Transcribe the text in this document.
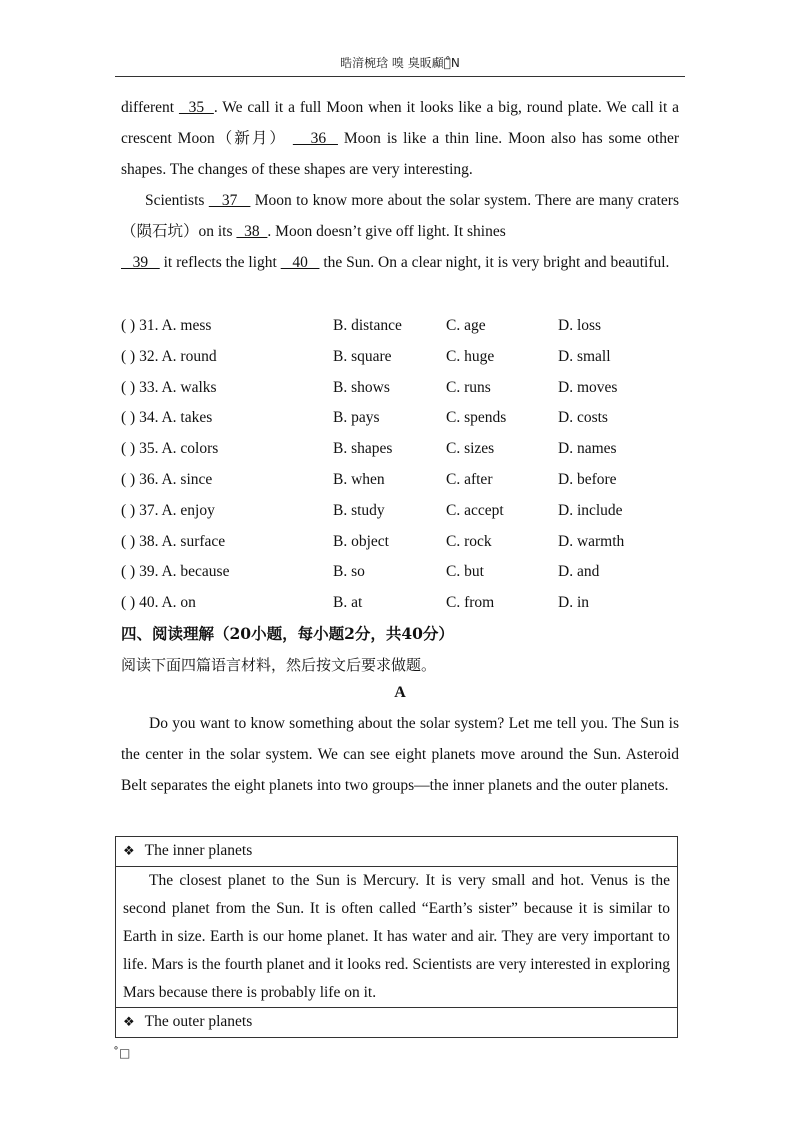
晧湇椀琀 嗅 臭昄顣斐̊N
different   35  . We call it a full Moon when it looks like a big, round plate. We call it a crescent Moon（新月）    36   Moon is like a thin line. Moon also has some other shapes. The changes of these shapes are very interesting.
Scientists    37    Moon to know more about the solar system. There are many craters（陨石坑）on its   38  . Moon doesn’t give off light. It shines
39    it reflects the light    40    the Sun. On a clear night, it is very bright and beautiful.
( ) 31. A. mess	B. distance	C. age	D. loss
( ) 32. A. round	B. square	C. huge	D. small
( ) 33. A. walks	B. shows	C. runs	D. moves
( ) 34. A. takes	B. pays	C. spends	D. costs
( ) 35. A. colors	B. shapes	C. sizes	D. names
( ) 36. A. since	B. when	C. after	D. before
( ) 37. A. enjoy	B. study	C. accept	D. include
( ) 38. A. surface	B. object	C. rock	D. warmth
( ) 39. A. because	B. so	C. but	D. and
( ) 40. A. on	B. at	C. from	D. in
四、阅读理解（20小题，每小题2分，共40分）
阅读下面四篇语言材料，然后按文后要求做题。
A
Do you want to know something about the solar system? Let me tell you. The Sun is the center in the solar system. We can see eight planets move around the Sun. Asteroid Belt separates the eight planets into two groups—the inner planets and the outer planets.
❖ The inner planets
The closest planet to the Sun is Mercury. It is very small and hot. Venus is the second planet from the Sun. It is often called “Earth’s sister” because it is similar to Earth in size. Earth is our home planet. It has water and air. They are very important to life. Mars is the fourth planet and it looks red. Scientists are very interested in exploring Mars because there is probably life on it.
❖ The outer planets
˚□
